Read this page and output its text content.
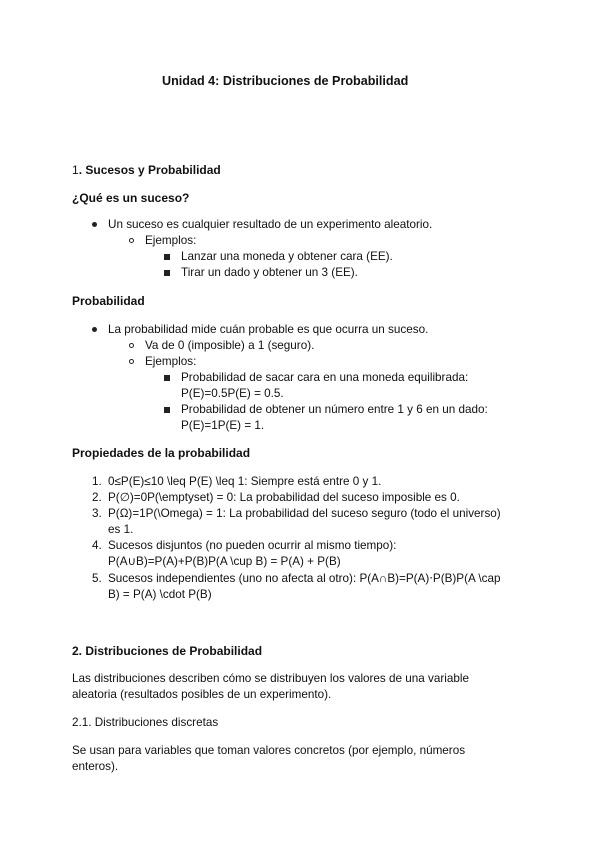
Unidad 4: Distribuciones de Probabilidad
1. Sucesos y Probabilidad
¿Qué es un suceso?
Un suceso es cualquier resultado de un experimento aleatorio.
Ejemplos:
Lanzar una moneda y obtener cara (EE).
Tirar un dado y obtener un 3 (EE).
Probabilidad
La probabilidad mide cuán probable es que ocurra un suceso.
Va de 0 (imposible) a 1 (seguro).
Ejemplos:
Probabilidad de sacar cara en una moneda equilibrada:
P(E)=0.5P(E) = 0.5.
Probabilidad de obtener un número entre 1 y 6 en un dado:
P(E)=1P(E) = 1.
Propiedades de la probabilidad
1. 0≤P(E)≤10 \leq P(E) \leq 1: Siempre está entre 0 y 1.
2. P(∅)=0P(\emptyset) = 0: La probabilidad del suceso imposible es 0.
3. P(Ω)=1P(\Omega) = 1: La probabilidad del suceso seguro (todo el universo)
es 1.
4. Sucesos disjuntos (no pueden ocurrir al mismo tiempo):
P(A∪B)=P(A)+P(B)P(A \cup B) = P(A) + P(B)
5. Sucesos independientes (uno no afecta al otro): P(A∩B)=P(A)⋅P(B)P(A \cap
B) = P(A) \cdot P(B)
2. Distribuciones de Probabilidad
Las distribuciones describen cómo se distribuyen los valores de una variable
aleatoria (resultados posibles de un experimento).
2.1. Distribuciones discretas
Se usan para variables que toman valores concretos (por ejemplo, números
enteros).
